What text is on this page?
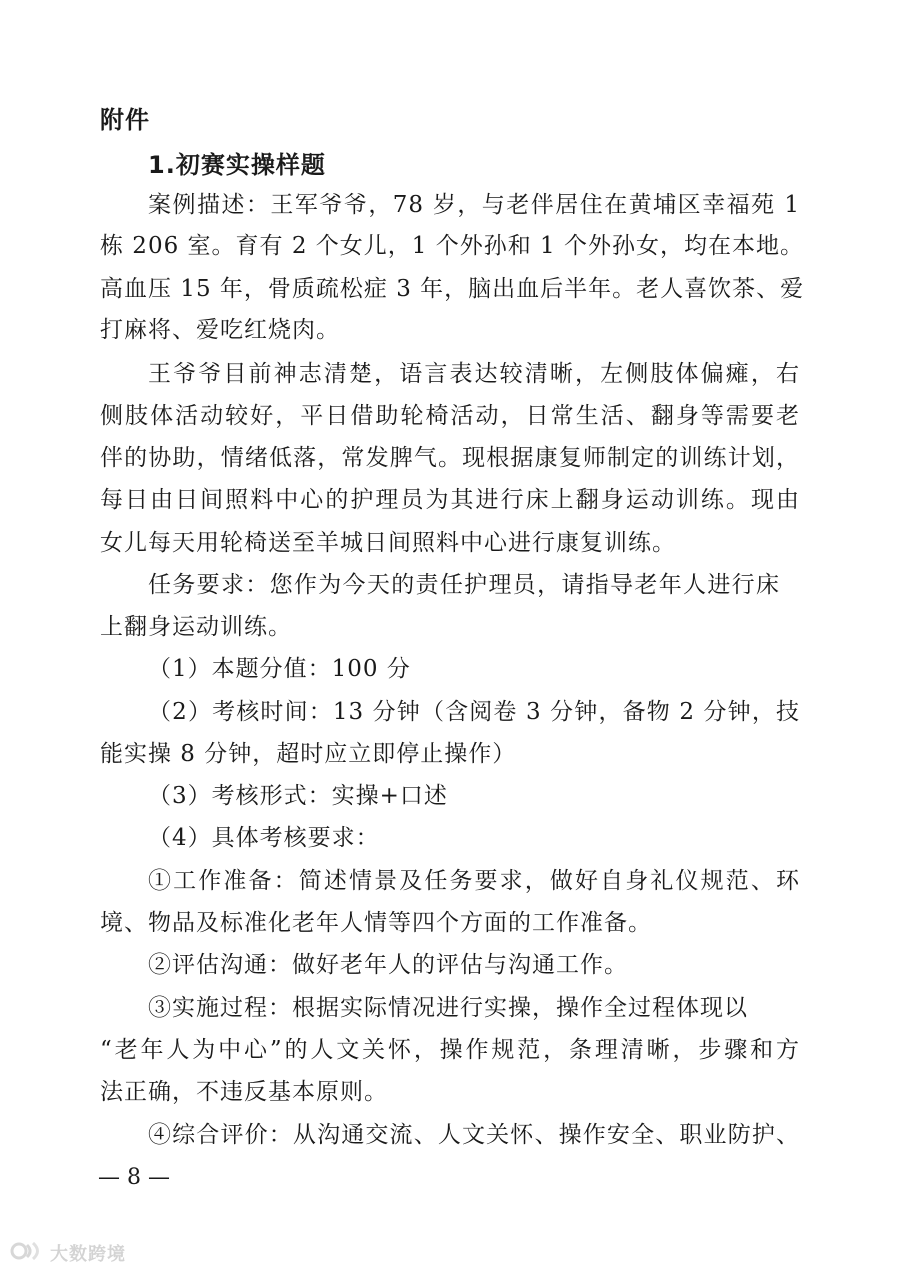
附件
1.初赛实操样题
案例描述：王军爷爷，78 岁，与老伴居住在黄埔区幸福苑 1
栋 206 室。育有 2 个女儿，1 个外孙和 1 个外孙女，均在本地。
高血压 15 年，骨质疏松症 3 年，脑出血后半年。老人喜饮茶、爱
打麻将、爱吃红烧肉。
王爷爷目前神志清楚，语言表达较清晰，左侧肢体偏瘫，右
侧肢体活动较好，平日借助轮椅活动，日常生活、翻身等需要老
伴的协助，情绪低落，常发脾气。现根据康复师制定的训练计划，
每日由日间照料中心的护理员为其进行床上翻身运动训练。现由
女儿每天用轮椅送至羊城日间照料中心进行康复训练。
任务要求：您作为今天的责任护理员，请指导老年人进行床
上翻身运动训练。
（1）本题分值：100 分
（2）考核时间：13 分钟（含阅卷 3 分钟，备物 2 分钟，技
能实操 8 分钟，超时应立即停止操作）
（3）考核形式：实操+口述
（4）具体考核要求：
①工作准备：简述情景及任务要求，做好自身礼仪规范、环
境、物品及标准化老年人情等四个方面的工作准备。
②评估沟通：做好老年人的评估与沟通工作。
③实施过程：根据实际情况进行实操，操作全过程体现以
“老年人为中心”的人文关怀，操作规范，条理清晰，步骤和方
法正确，不违反基本原则。
④综合评价：从沟通交流、人文关怀、操作安全、职业防护、
— 8 —
大数跨境
